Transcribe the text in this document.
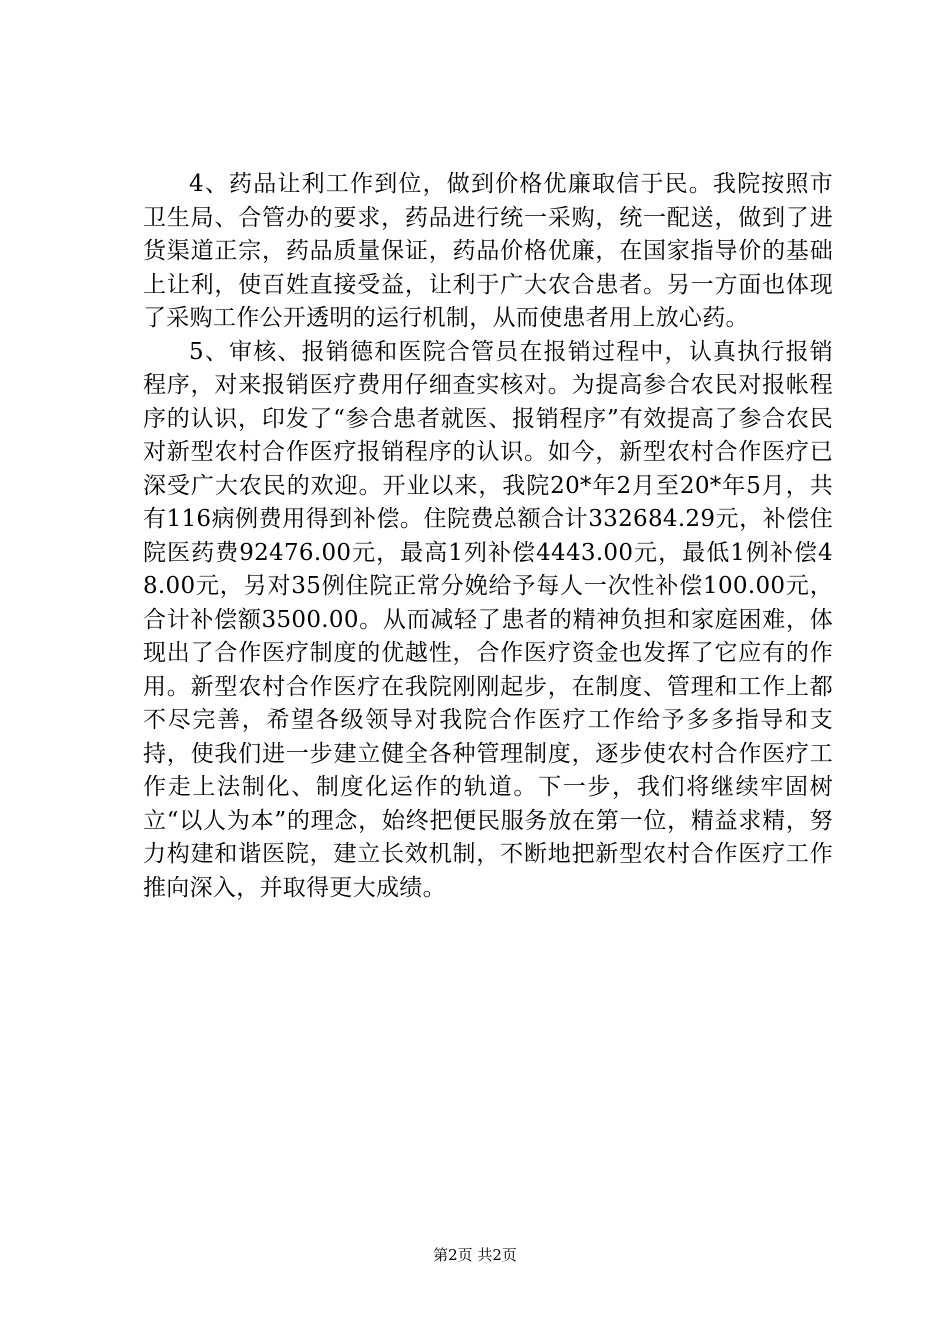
4、药品让利工作到位，做到价格优廉取信于民。我院按照市卫生局、合管办的要求，药品进行统一采购，统一配送，做到了进货渠道正宗，药品质量保证，药品价格优廉，在国家指导价的基础上让利，使百姓直接受益，让利于广大农合患者。另一方面也体现了采购工作公开透明的运行机制，从而使患者用上放心药。

5、审核、报销德和医院合管员在报销过程中，认真执行报销程序，对来报销医疗费用仔细查实核对。为提高参合农民对报帐程序的认识，印发了“参合患者就医、报销程序”有效提高了参合农民对新型农村合作医疗报销程序的认识。如今，新型农村合作医疗已深受广大农民的欢迎。开业以来，我院20*年2月至20*年5月，共有116病例费用得到补偿。住院费总额合计332684.29元，补偿住院医药费92476.00元，最高1列补偿4443.00元，最低1例补偿48.00元，另对35例住院正常分娩给予每人一次性补偿100.00元，合计补偿额3500.00。从而减轻了患者的精神负担和家庭困难，体现出了合作医疗制度的优越性，合作医疗资金也发挥了它应有的作用。新型农村合作医疗在我院刚刚起步，在制度、管理和工作上都不尽完善，希望各级领导对我院合作医疗工作给予多多指导和支持，使我们进一步建立健全各种管理制度，逐步使农村合作医疗工作走上法制化、制度化运作的轨道。下一步，我们将继续牢固树立“以人为本”的理念，始终把便民服务放在第一位，精益求精，努力构建和谐医院，建立长效机制，不断地把新型农村合作医疗工作推向深入，并取得更大成绩。

第2页 共2页
